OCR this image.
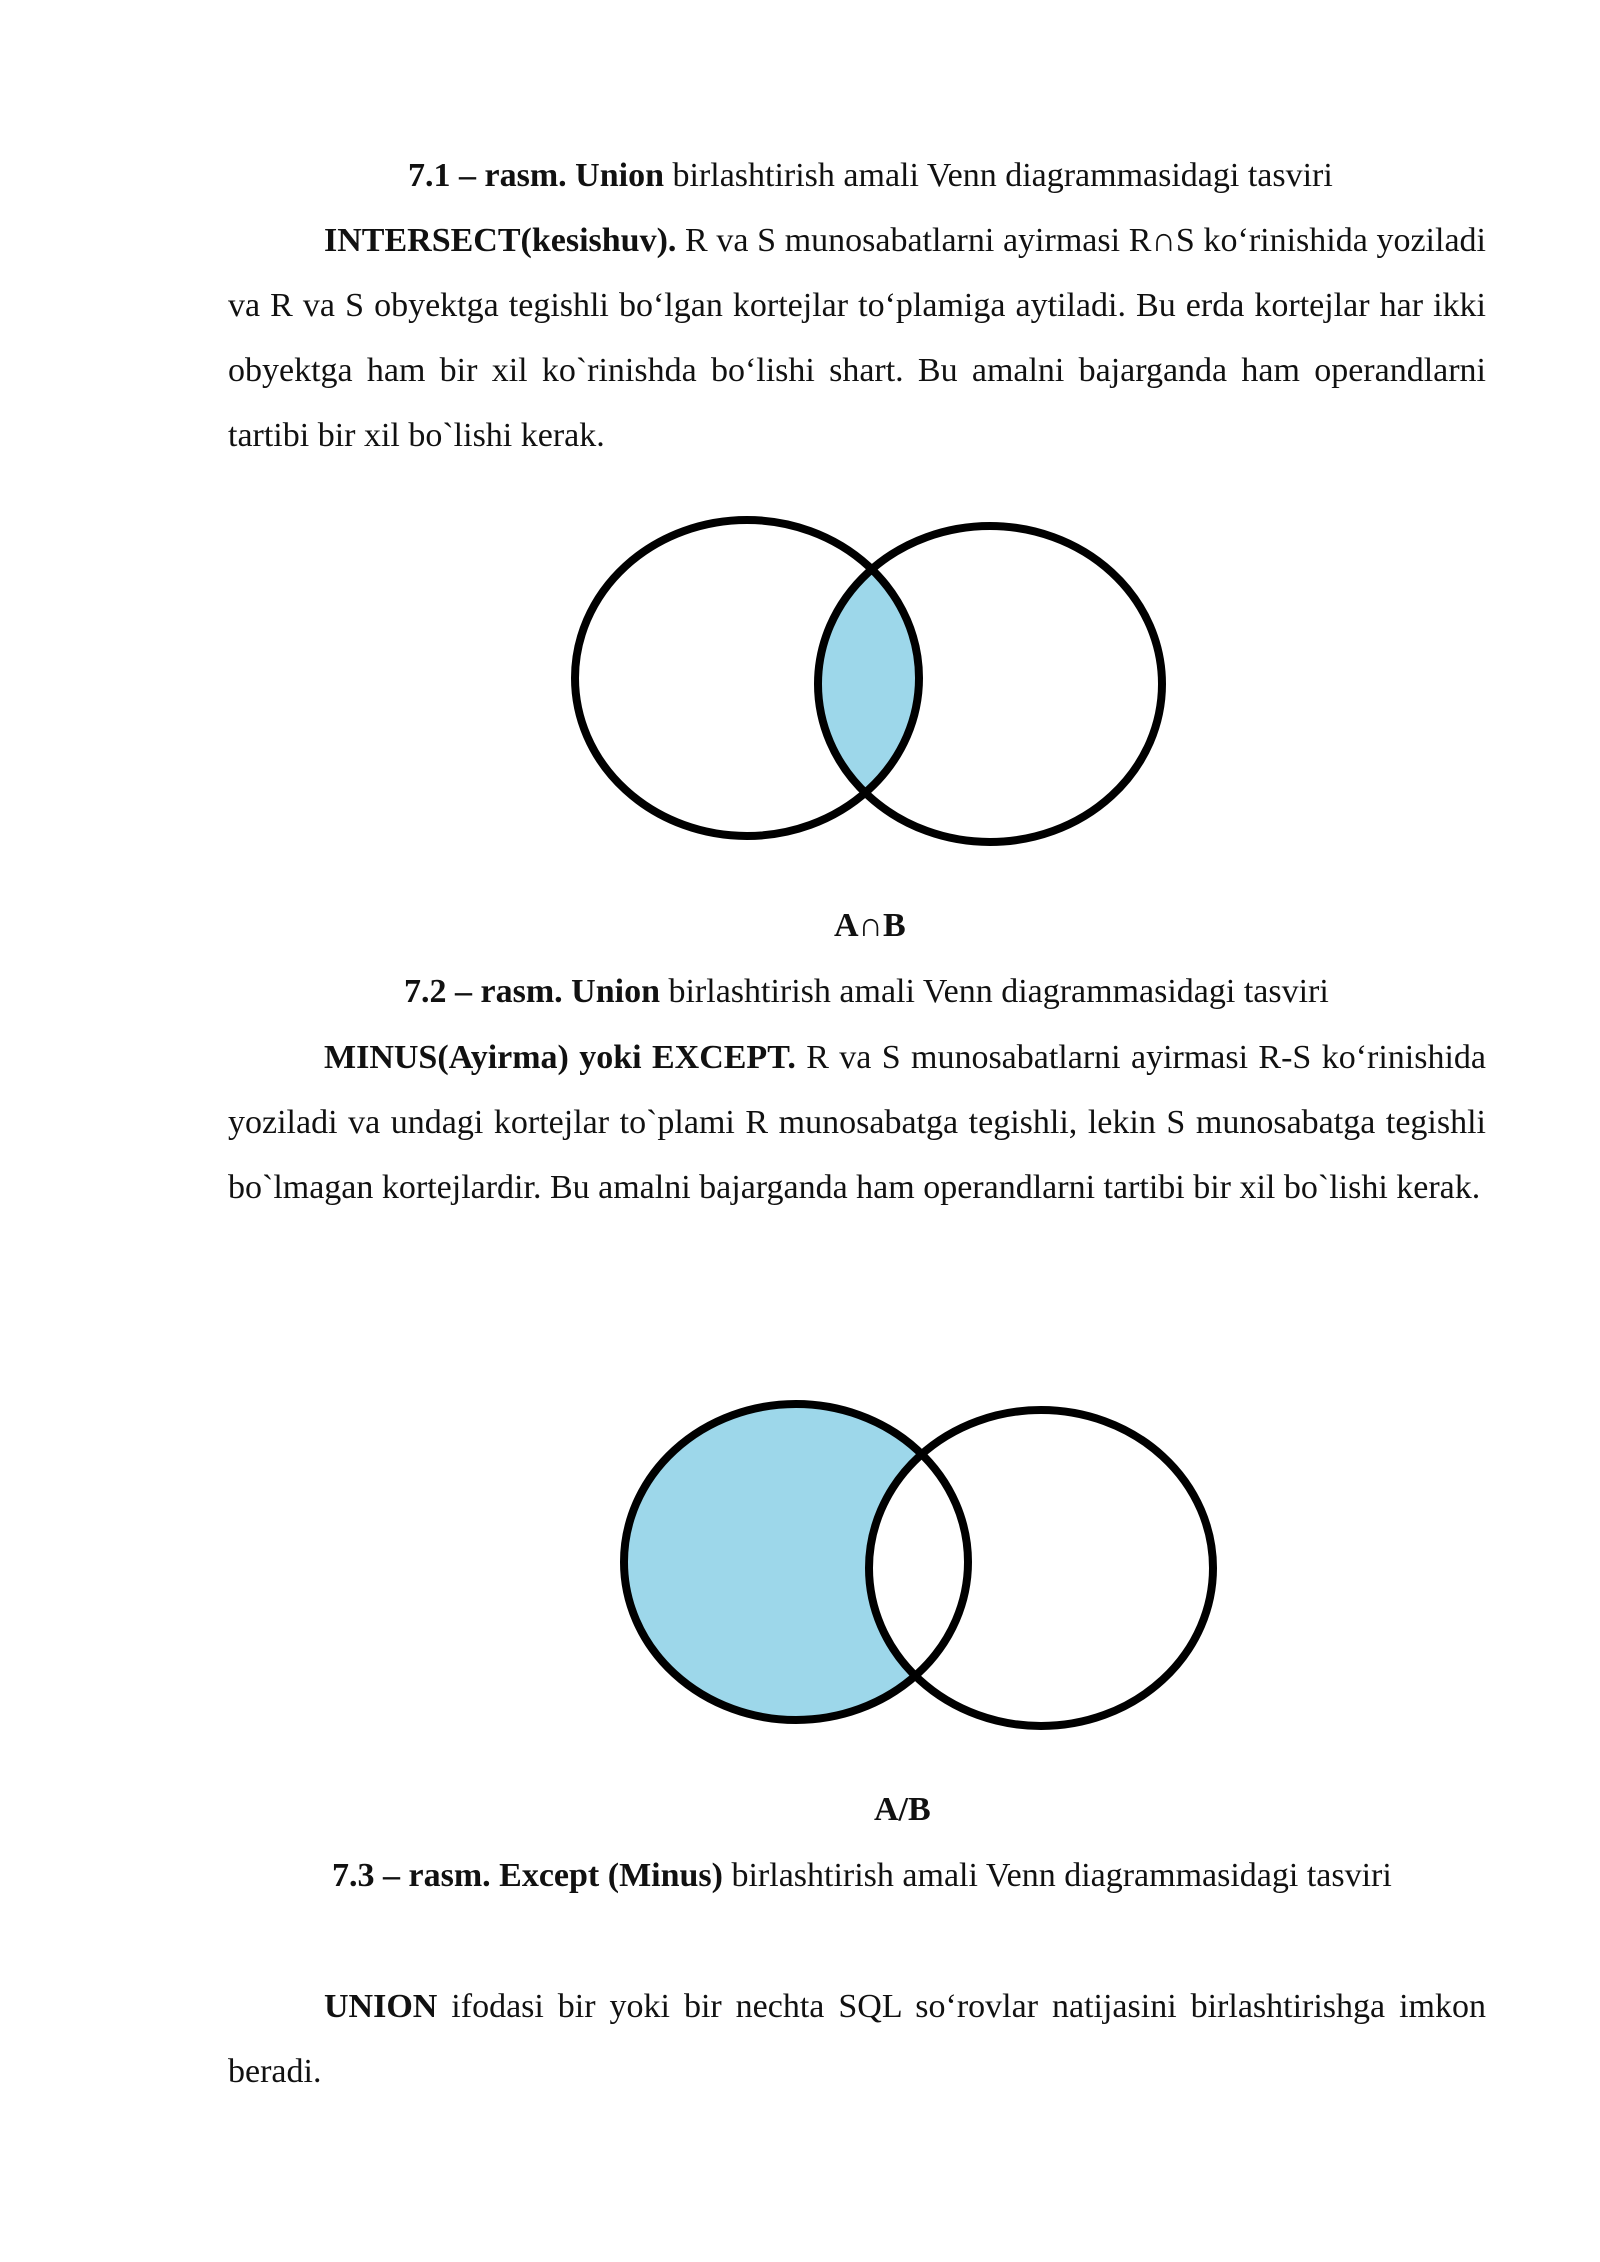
7.1 – rasm. Union birlashtirish amali Venn diagrammasidagi tasviri
INTERSECT(kesishuv). R va S munosabatlarni ayirmasi R∩S ko‘rinishida yoziladi va R va S obyektga tegishli bo‘lgan kortejlar to‘plamiga aytiladi. Bu erda kortejlar har ikki obyektga ham bir xil ko`rinishda bo‘lishi shart. Bu amalni bajarganda ham operandlarni tartibi bir xil bo`lishi kerak.
A∩B
7.2 – rasm. Union birlashtirish amali Venn diagrammasidagi tasviri
MINUS(Ayirma) yoki EXCEPT. R va S munosabatlarni ayirmasi R-S ko‘rinishida yoziladi va undagi kortejlar to`plami R munosabatga tegishli, lekin S munosabatga tegishli bo`lmagan kortejlardir. Bu amalni bajarganda ham operandlarni tartibi bir xil bo`lishi kerak.
A/B
7.3 – rasm. Except (Minus) birlashtirish amali Venn diagrammasidagi tasviri
UNION ifodasi bir yoki bir nechta SQL so‘rovlar natijasini birlashtirishga imkon beradi.
